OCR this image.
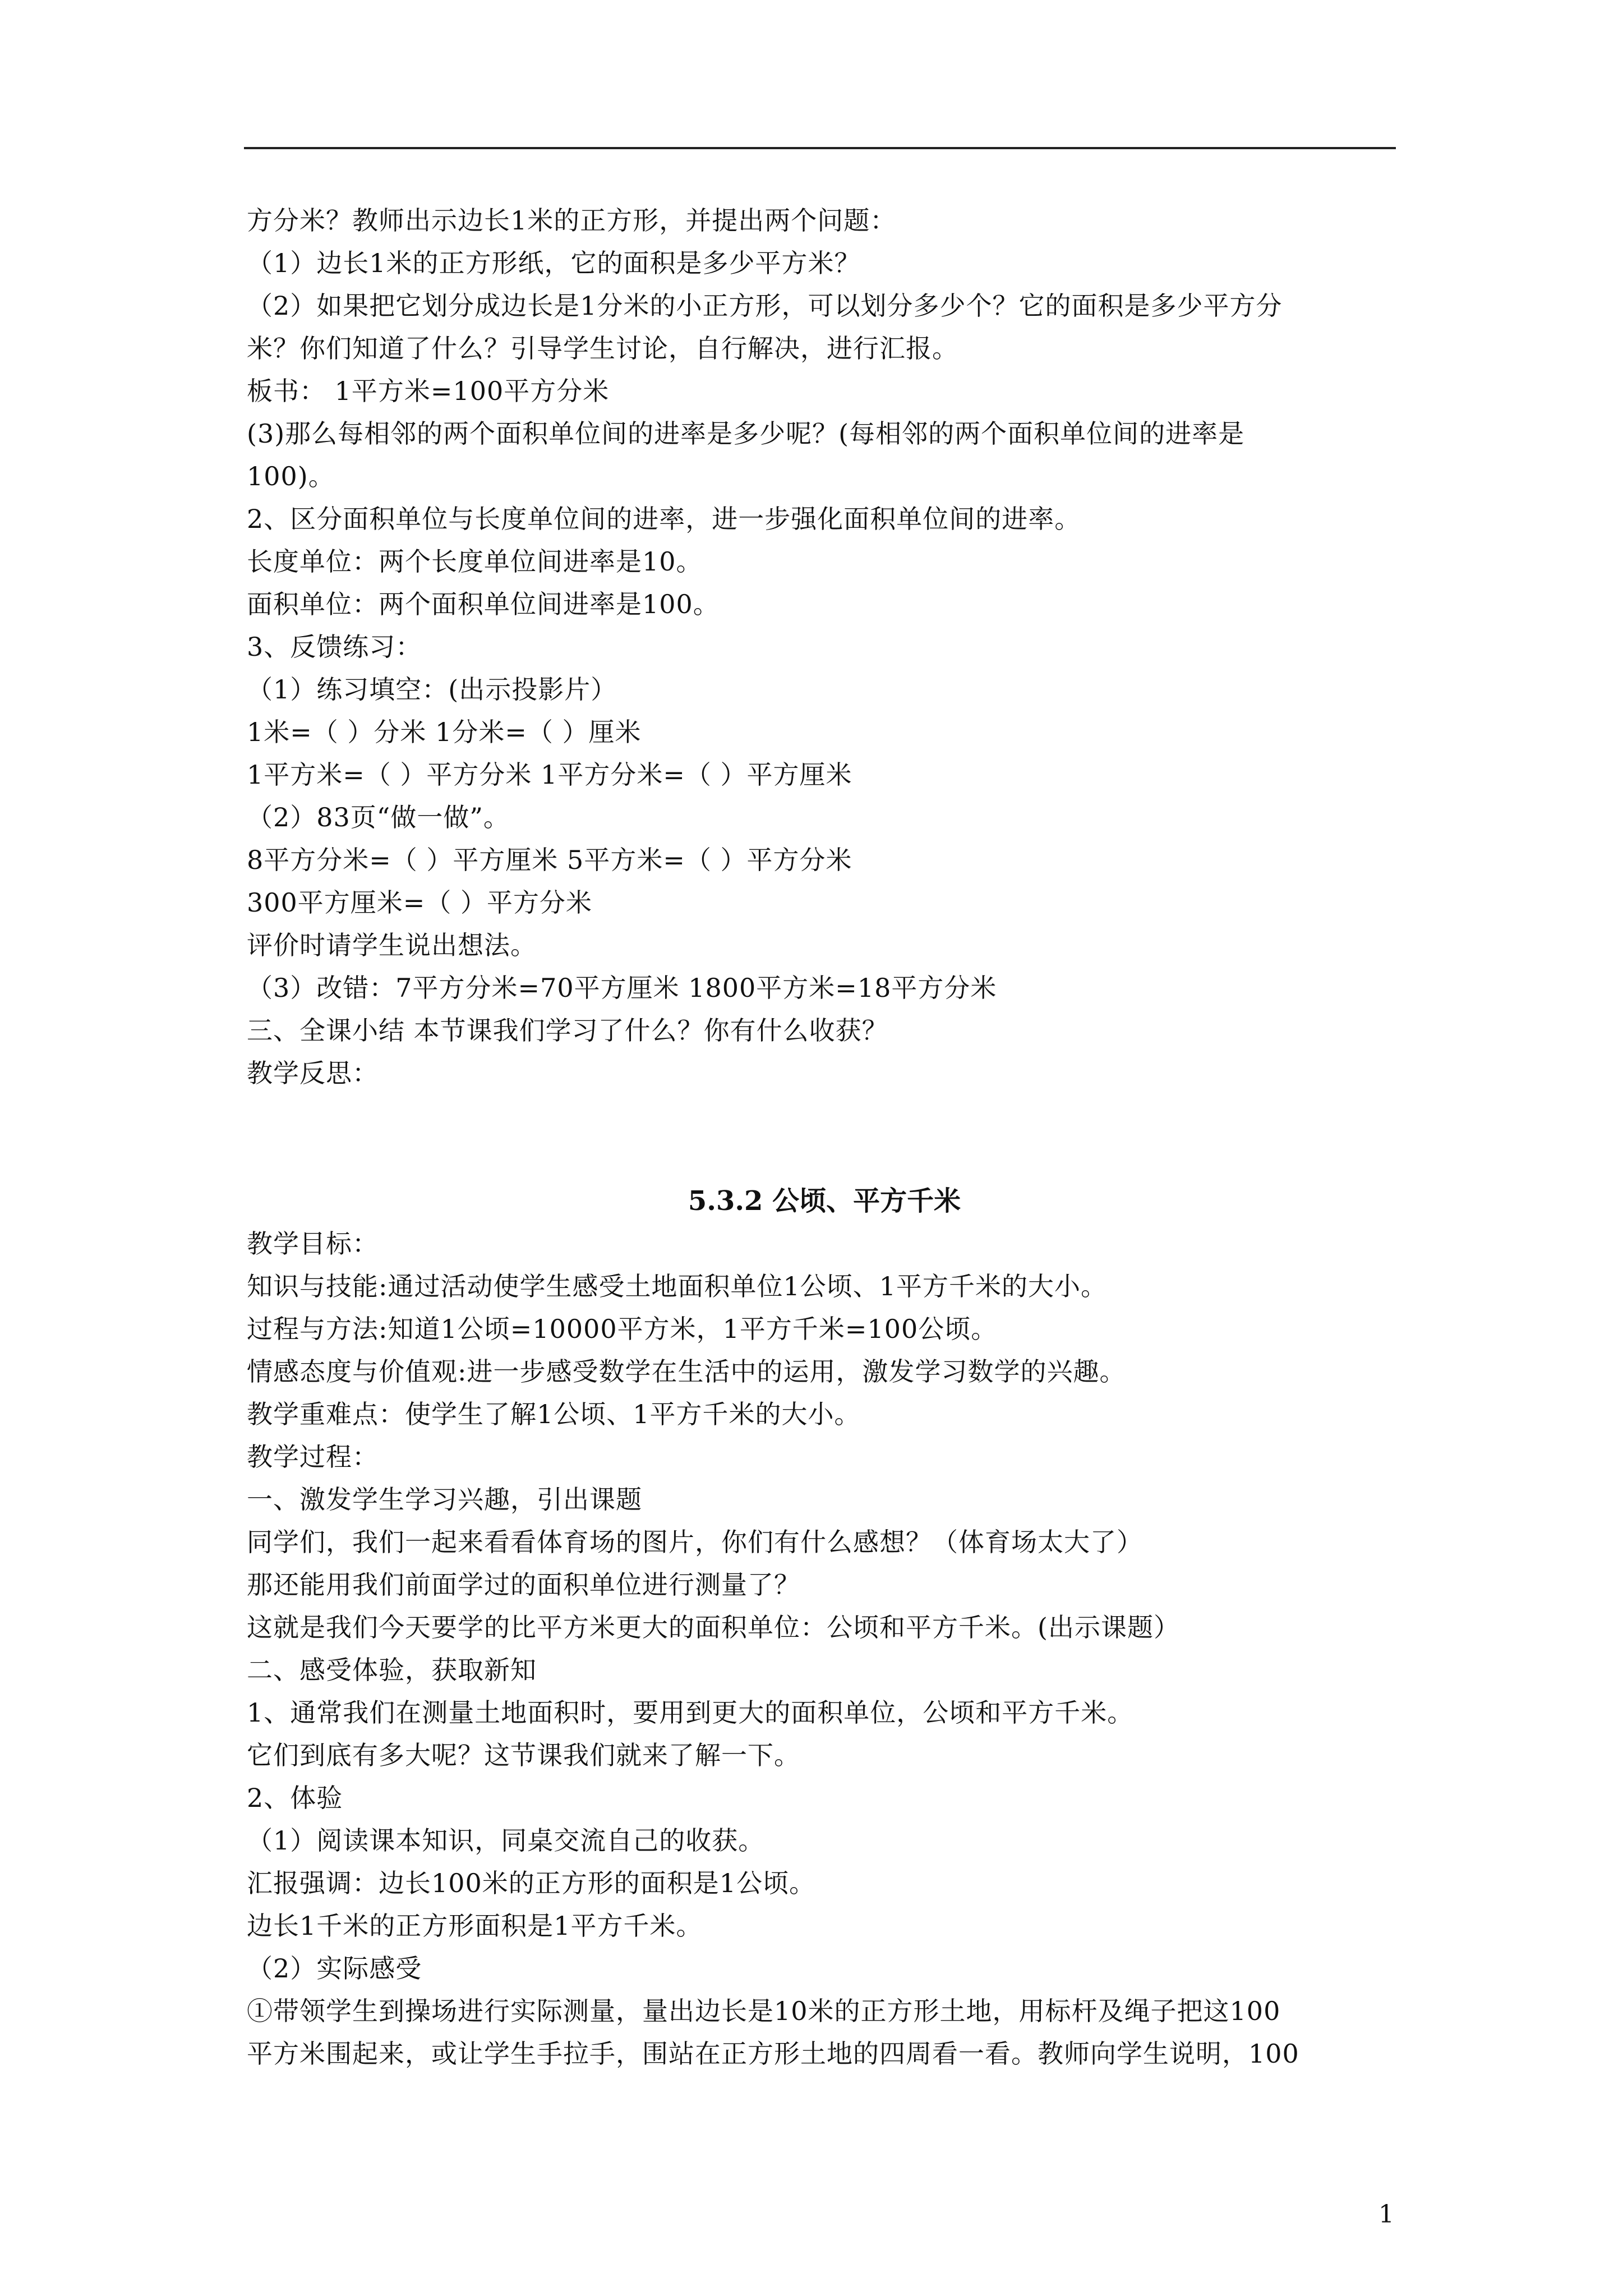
方分米？教师出示边长1米的正方形，并提出两个问题：
（1）边长1米的正方形纸，它的面积是多少平方米？
（2）如果把它划分成边长是1分米的小正方形，可以划分多少个？它的面积是多少平方分
米？你们知道了什么？引导学生讨论，自行解决，进行汇报。
板书： 1平方米=100平方分米
(3)那么每相邻的两个面积单位间的进率是多少呢？(每相邻的两个面积单位间的进率是
100)。
2、区分面积单位与长度单位间的进率，进一步强化面积单位间的进率。
长度单位：两个长度单位间进率是10。
面积单位：两个面积单位间进率是100。
3、反馈练习：
（1）练习填空：(出示投影片）
1米=（ ）分米 1分米=（ ）厘米
1平方米=（ ）平方分米 1平方分米=（ ）平方厘米
（2）83页“做一做”。
8平方分米=（ ）平方厘米 5平方米=（ ）平方分米
300平方厘米=（ ）平方分米
评价时请学生说出想法。
（3）改错：7平方分米=70平方厘米 1800平方米=18平方分米
三、全课小结 本节课我们学习了什么？你有什么收获？
教学反思：
5.3.2 公顷、平方千米
教学目标：
知识与技能:通过活动使学生感受土地面积单位1公顷、1平方千米的大小。
过程与方法:知道1公顷=10000平方米，1平方千米=100公顷。
情感态度与价值观:进一步感受数学在生活中的运用，激发学习数学的兴趣。
教学重难点：使学生了解1公顷、1平方千米的大小。
教学过程：
一、激发学生学习兴趣，引出课题
同学们，我们一起来看看体育场的图片，你们有什么感想？（体育场太大了）
那还能用我们前面学过的面积单位进行测量了？
这就是我们今天要学的比平方米更大的面积单位：公顷和平方千米。(出示课题）
二、感受体验，获取新知
1、通常我们在测量土地面积时，要用到更大的面积单位，公顷和平方千米。
它们到底有多大呢？这节课我们就来了解一下。
2、体验
（1）阅读课本知识，同桌交流自己的收获。
汇报强调：边长100米的正方形的面积是1公顷。
边长1千米的正方形面积是1平方千米。
（2）实际感受
①带领学生到操场进行实际测量，量出边长是10米的正方形土地，用标杆及绳子把这100
平方米围起来，或让学生手拉手，围站在正方形土地的四周看一看。教师向学生说明，100
1
